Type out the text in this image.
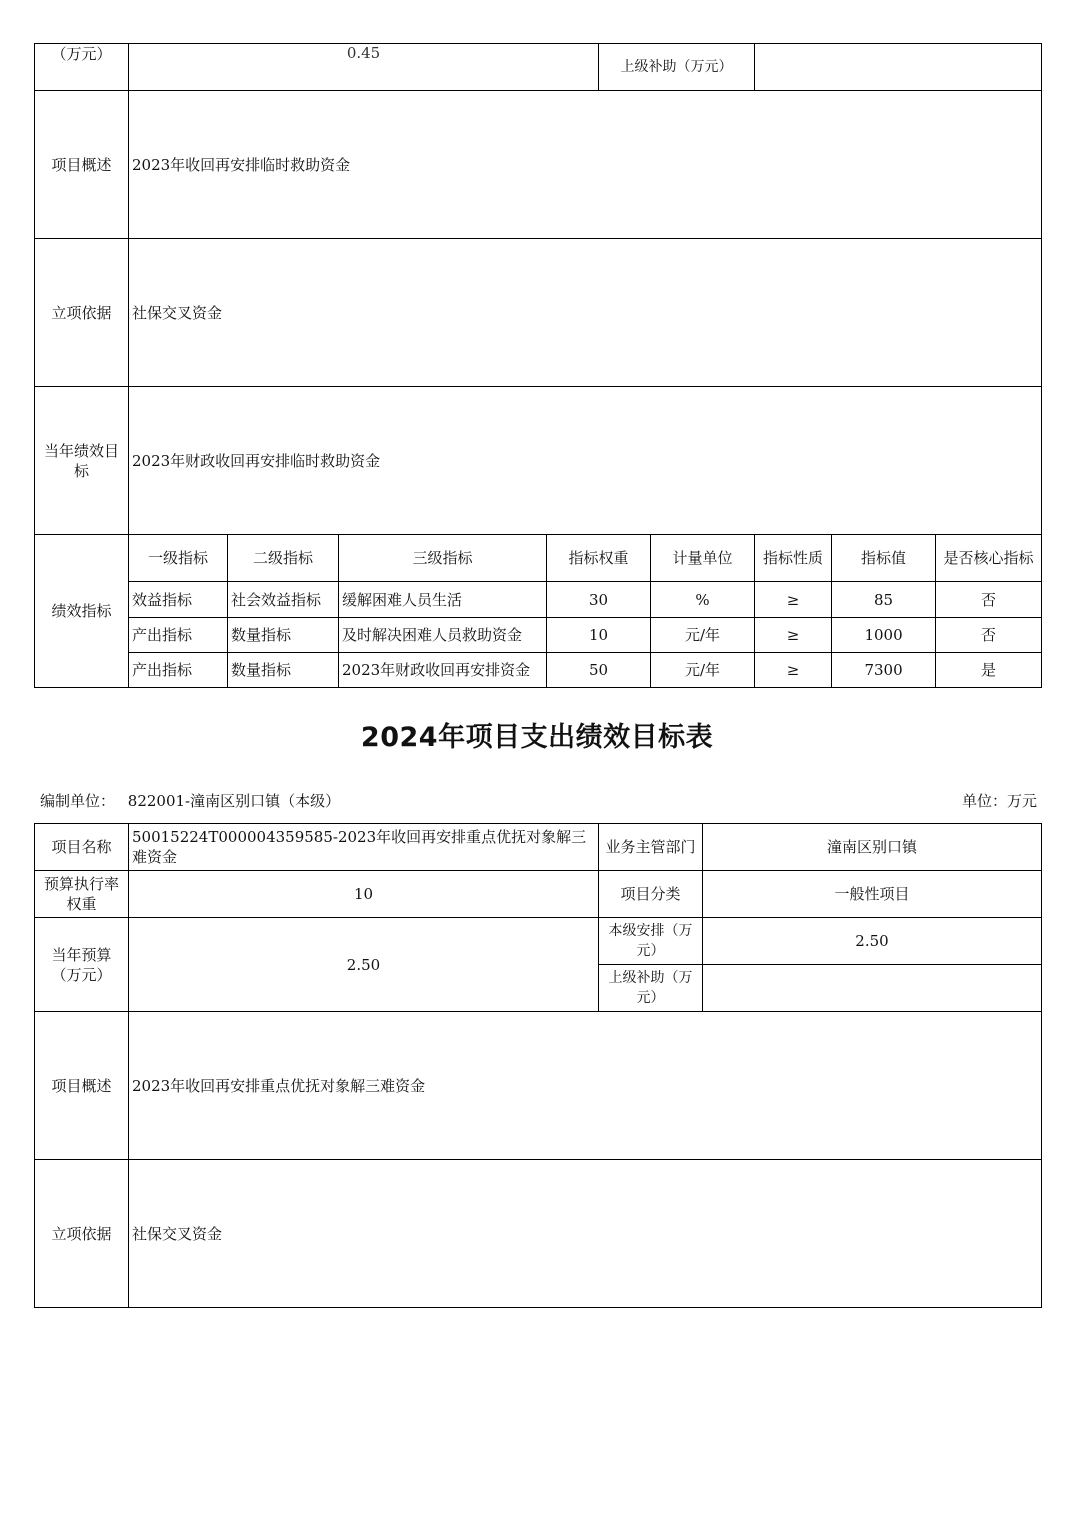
（万元）	0.45				上级补助（万元）				
项目概述	2023年收回再安排临时救助资金								
立项依据	社保交叉资金								
当年绩效目标	2023年财政收回再安排临时救助资金								
绩效指标	一级指标	二级指标	三级指标	指标权重		计量单位	指标性质	指标值	是否核心指标
	效益指标	社会效益指标	缓解困难人员生活	30		%	≥	85	否
	产出指标	数量指标	及时解决困难人员救助资金	10		元/年	≥	1000	否
	产出指标	数量指标	2023年财政收回再安排资金	50		元/年	≥	7300	是
2024年项目支出绩效目标表
编制单位： 822001-潼南区别口镇（本级）	单位：万元
项目名称	50015224T000004359585-2023年收回再安排重点优抚对象解三难资金	业务主管部门	潼南区别口镇
预算执行率权重	10	项目分类	一般性项目
当年预算（万元）	2.50	本级安排（万元）	2.50
		上级补助（万元）	
项目概述	2023年收回再安排重点优抚对象解三难资金		
立项依据	社保交叉资金		
